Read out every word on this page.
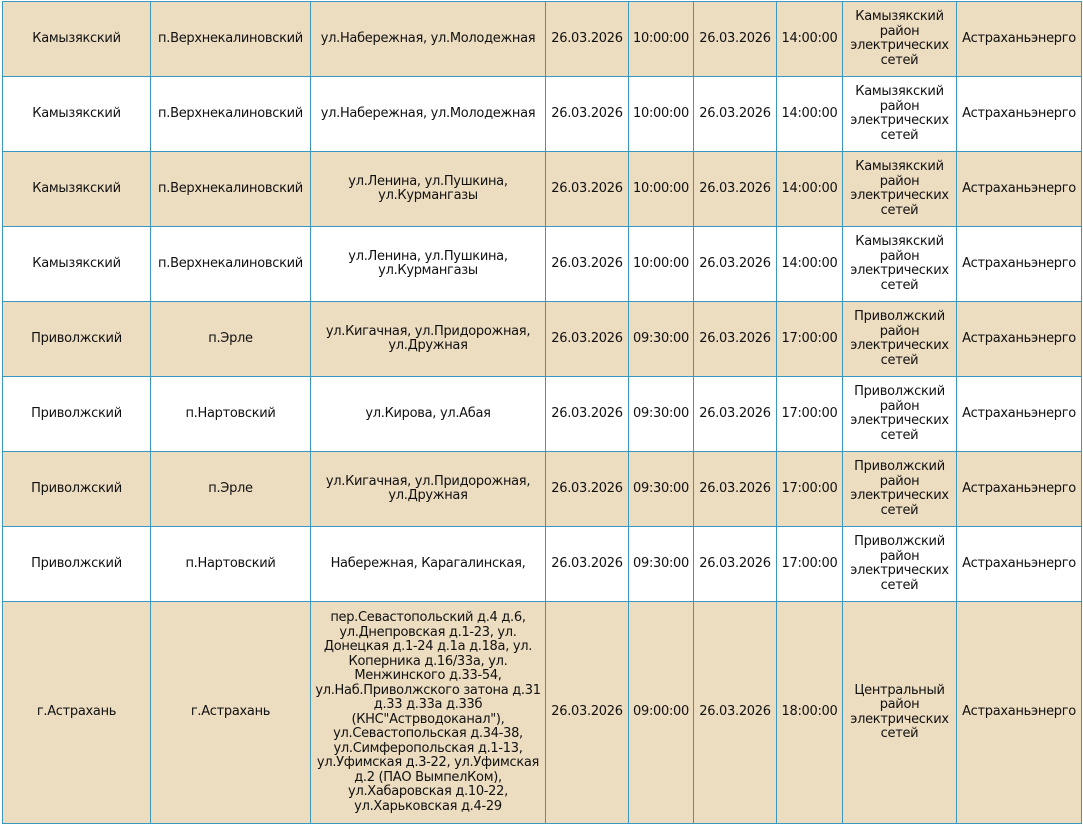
Камызякский	п.Верхнекалиновский	ул.Набережная, ул.Молодежная	26.03.2026	10:00:00	26.03.2026	14:00:00	Камызякский район электрических сетей	Астраханьэнерго
Камызякский	п.Верхнекалиновский	ул.Набережная, ул.Молодежная	26.03.2026	10:00:00	26.03.2026	14:00:00	Камызякский район электрических сетей	Астраханьэнерго
Камызякский	п.Верхнекалиновский	ул.Ленина, ул.Пушкина, ул.Курмангазы	26.03.2026	10:00:00	26.03.2026	14:00:00	Камызякский район электрических сетей	Астраханьэнерго
Камызякский	п.Верхнекалиновский	ул.Ленина, ул.Пушкина, ул.Курмангазы	26.03.2026	10:00:00	26.03.2026	14:00:00	Камызякский район электрических сетей	Астраханьэнерго
Приволжский	п.Эрле	ул.Кигачная, ул.Придорожная, ул.Дружная	26.03.2026	09:30:00	26.03.2026	17:00:00	Приволжский район электрических сетей	Астраханьэнерго
Приволжский	п.Нартовский	ул.Кирова, ул.Абая	26.03.2026	09:30:00	26.03.2026	17:00:00	Приволжский район электрических сетей	Астраханьэнерго
Приволжский	п.Эрле	ул.Кигачная, ул.Придорожная, ул.Дружная	26.03.2026	09:30:00	26.03.2026	17:00:00	Приволжский район электрических сетей	Астраханьэнерго
Приволжский	п.Нартовский	Набережная, Карагалинская,	26.03.2026	09:30:00	26.03.2026	17:00:00	Приволжский район электрических сетей	Астраханьэнерго
г.Астрахань	г.Астрахань	пер.Севастопольский д.4 д.6, ул.Днепровская д.1-23, ул. Донецкая д.1-24 д.1а д.18а, ул. Коперника д.16/33а, ул. Менжинского д.33-54, ул.Наб.Приволжского затона д.31 д.33 д.33а д.33б (КНС"Астрводоканал"), ул.Севастопольская д.34-38, ул.Симферопольская д.1-13, ул.Уфимская д.3-22, ул.Уфимская д.2 (ПАО ВымпелКом), ул.Хабаровская д.10-22, ул.Харьковская д.4-29	26.03.2026	09:00:00	26.03.2026	18:00:00	Центральный район электрических сетей	Астраханьэнерго
